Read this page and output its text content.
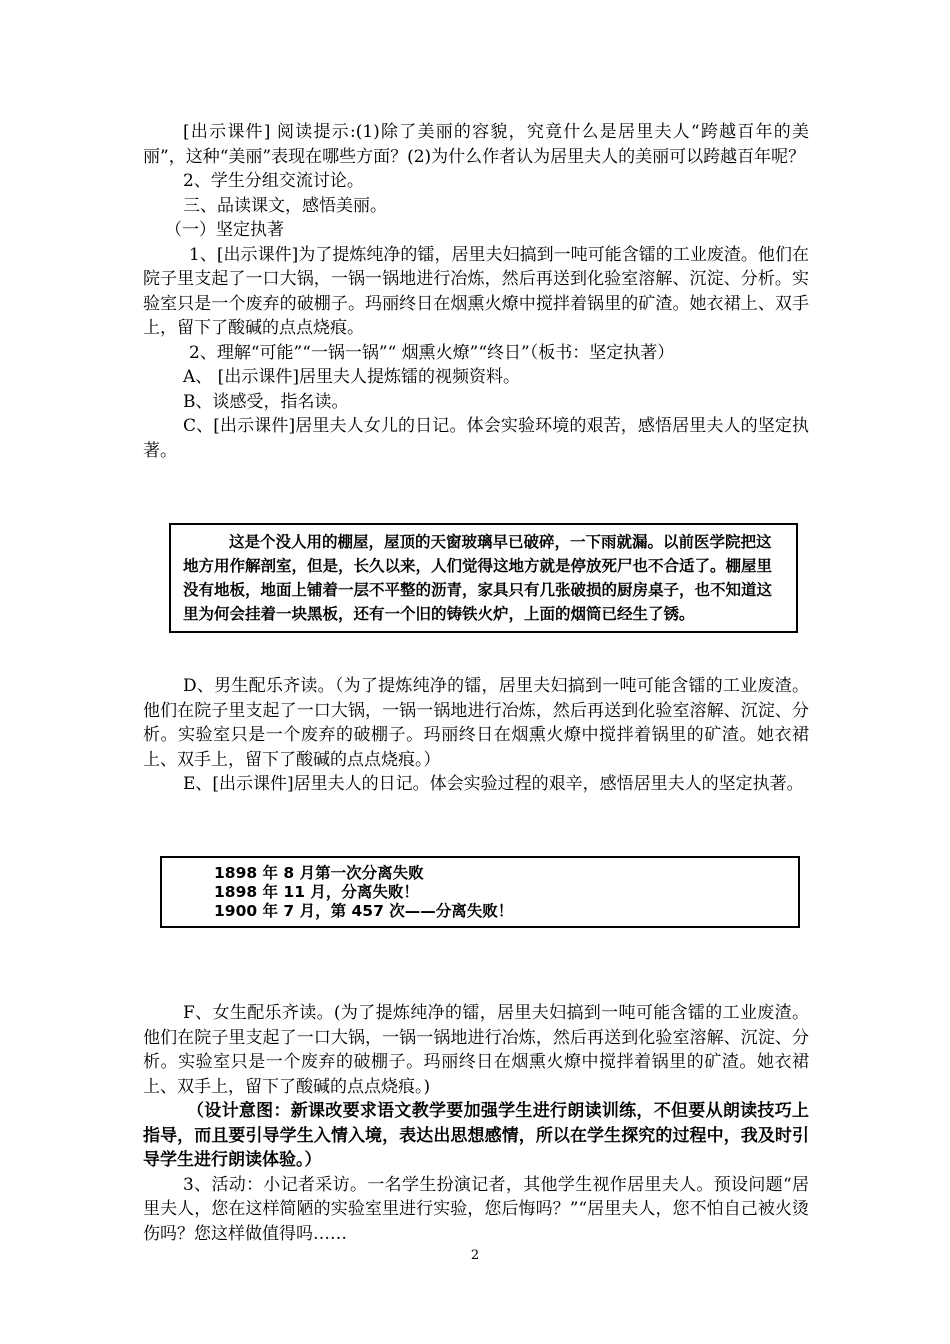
[出示课件] 阅读提示:(1)除了美丽的容貌，究竟什么是居里夫人“跨越百年的美丽”，这种“美丽”表现在哪些方面？(2)为什么作者认为居里夫人的美丽可以跨越百年呢？

2、学生分组交流讨论。

三、品读课文，感悟美丽。

（一）坚定执著

1、[出示课件]为了提炼纯净的镭，居里夫妇搞到一吨可能含镭的工业废渣。他们在院子里支起了一口大锅，一锅一锅地进行冶炼，然后再送到化验室溶解、沉淀、分析。实验室只是一个废弃的破棚子。玛丽终日在烟熏火燎中搅拌着锅里的矿渣。她衣裙上、双手上，留下了酸碱的点点烧痕。

2、理解“可能”“一锅一锅”“ 烟熏火燎”“终日”（板书：坚定执著）

A、 [出示课件]居里夫人提炼镭的视频资料。

B、谈感受，指名读。

C、[出示课件]居里夫人女儿的日记。体会实验环境的艰苦，感悟居里夫人的坚定执著。

这是个没人用的棚屋，屋顶的天窗玻璃早已破碎，一下雨就漏。以前医学院把这地方用作解剖室，但是，长久以来，人们觉得这地方就是停放死尸也不合适了。棚屋里没有地板，地面上铺着一层不平整的沥青，家具只有几张破损的厨房桌子，也不知道这里为何会挂着一块黑板，还有一个旧的铸铁火炉，上面的烟筒已经生了锈。

D、男生配乐齐读。（为了提炼纯净的镭，居里夫妇搞到一吨可能含镭的工业废渣。他们在院子里支起了一口大锅，一锅一锅地进行冶炼，然后再送到化验室溶解、沉淀、分析。实验室只是一个废弃的破棚子。玛丽终日在烟熏火燎中搅拌着锅里的矿渣。她衣裙上、双手上，留下了酸碱的点点烧痕。）

E、[出示课件]居里夫人的日记。体会实验过程的艰辛，感悟居里夫人的坚定执著。

1898 年 8 月第一次分离失败
1898 年 11 月，分离失败！
1900 年 7 月，第 457 次——分离失败！

F、女生配乐齐读。(为了提炼纯净的镭，居里夫妇搞到一吨可能含镭的工业废渣。他们在院子里支起了一口大锅，一锅一锅地进行冶炼，然后再送到化验室溶解、沉淀、分析。实验室只是一个废弃的破棚子。玛丽终日在烟熏火燎中搅拌着锅里的矿渣。她衣裙上、双手上，留下了酸碱的点点烧痕。)

（设计意图：新课改要求语文教学要加强学生进行朗读训练，不但要从朗读技巧上指导，而且要引导学生入情入境，表达出思想感情，所以在学生探究的过程中，我及时引导学生进行朗读体验。）

3、活动：小记者采访。一名学生扮演记者，其他学生视作居里夫人。预设问题“居里夫人，您在这样简陋的实验室里进行实验，您后悔吗？”“居里夫人，您不怕自己被火烫伤吗？您这样做值得吗……

2
